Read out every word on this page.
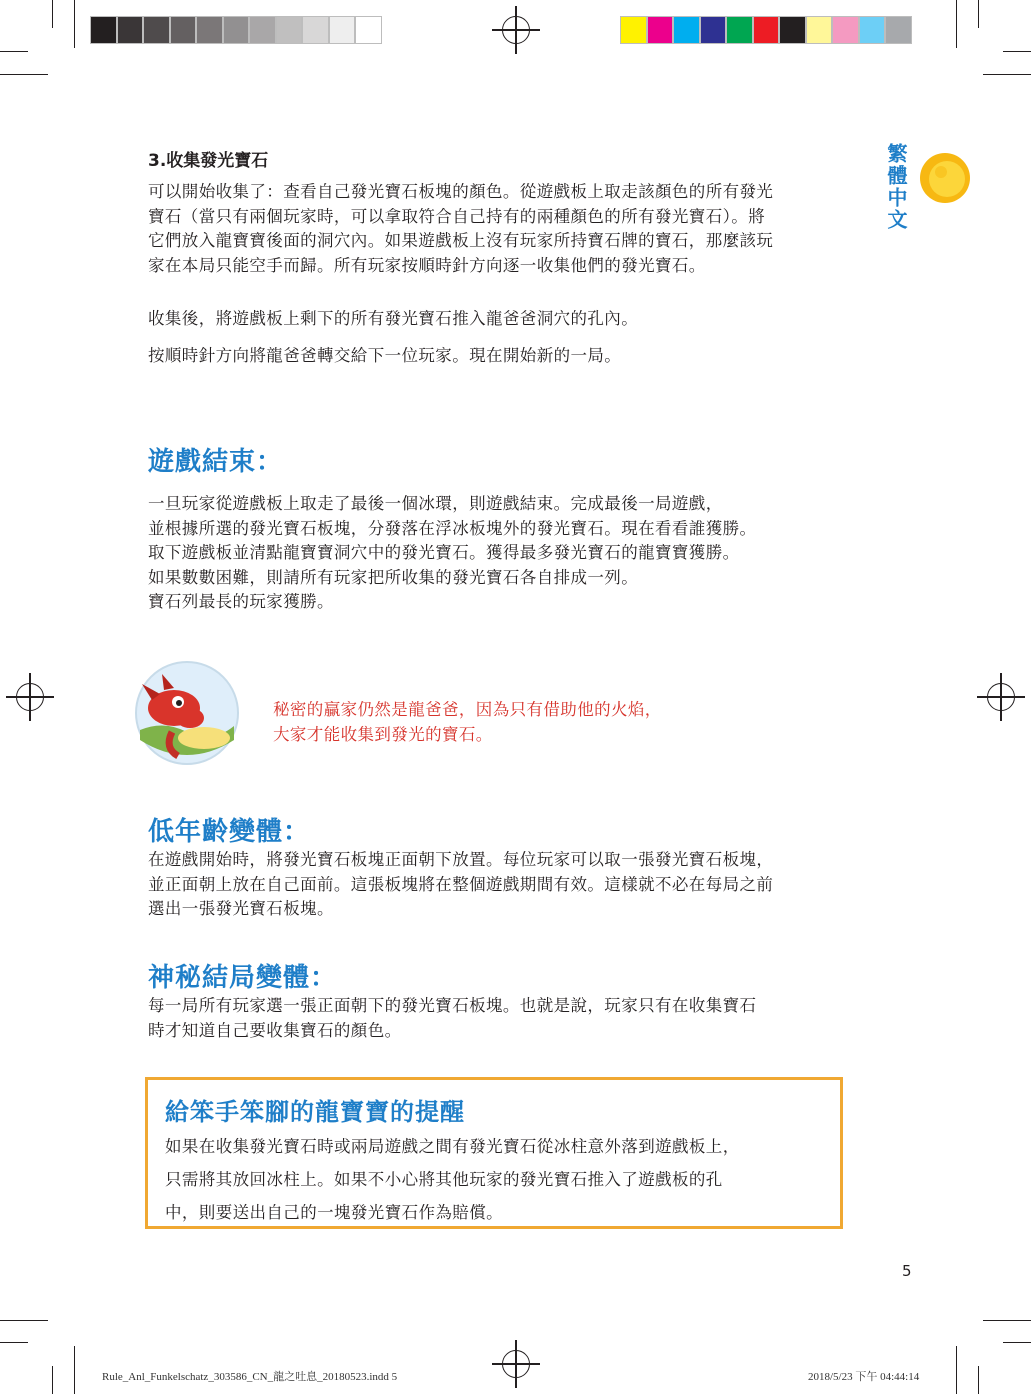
3.收集發光寶石	繁體中文
可以開始收集了：查看自己發光寶石板塊的顏色。從遊戲板上取走該顏色的所有發光
寶石（當只有兩個玩家時，可以拿取符合自己持有的兩種顏色的所有發光寶石）。將
它們放入龍寶寶後面的洞穴內。如果遊戲板上沒有玩家所持寶石牌的寶石，那麼該玩
家在本局只能空手而歸。所有玩家按順時針方向逐一收集他們的發光寶石。
收集後，將遊戲板上剩下的所有發光寶石推入龍爸爸洞穴的孔內。
按順時針方向將龍爸爸轉交給下一位玩家。現在開始新的一局。
遊戲結束：
一旦玩家從遊戲板上取走了最後一個冰環，則遊戲結束。完成最後一局遊戲，
並根據所選的發光寶石板塊，分發落在浮冰板塊外的發光寶石。現在看看誰獲勝。
取下遊戲板並清點龍寶寶洞穴中的發光寶石。獲得最多發光寶石的龍寶寶獲勝。
如果數數困難，則請所有玩家把所收集的發光寶石各自排成一列。
寶石列最長的玩家獲勝。
秘密的贏家仍然是龍爸爸，因為只有借助他的火焰，
大家才能收集到發光的寶石。
低年齡變體：
在遊戲開始時，將發光寶石板塊正面朝下放置。每位玩家可以取一張發光寶石板塊，
並正面朝上放在自己面前。這張板塊將在整個遊戲期間有效。這樣就不必在每局之前
選出一張發光寶石板塊。
神秘結局變體：
每一局所有玩家選一張正面朝下的發光寶石板塊。也就是說，玩家只有在收集寶石
時才知道自己要收集寶石的顏色。
給笨手笨腳的龍寶寶的提醒
如果在收集發光寶石時或兩局遊戲之間有發光寶石從冰柱意外落到遊戲板上，
只需將其放回冰柱上。如果不小心將其他玩家的發光寶石推入了遊戲板的孔
中，則要送出自己的一塊發光寶石作為賠償。
5
Rule_Anl_Funkelschatz_303586_CN_龍之吐息_20180523.indd 5	2018/5/23 下午 04:44:14
